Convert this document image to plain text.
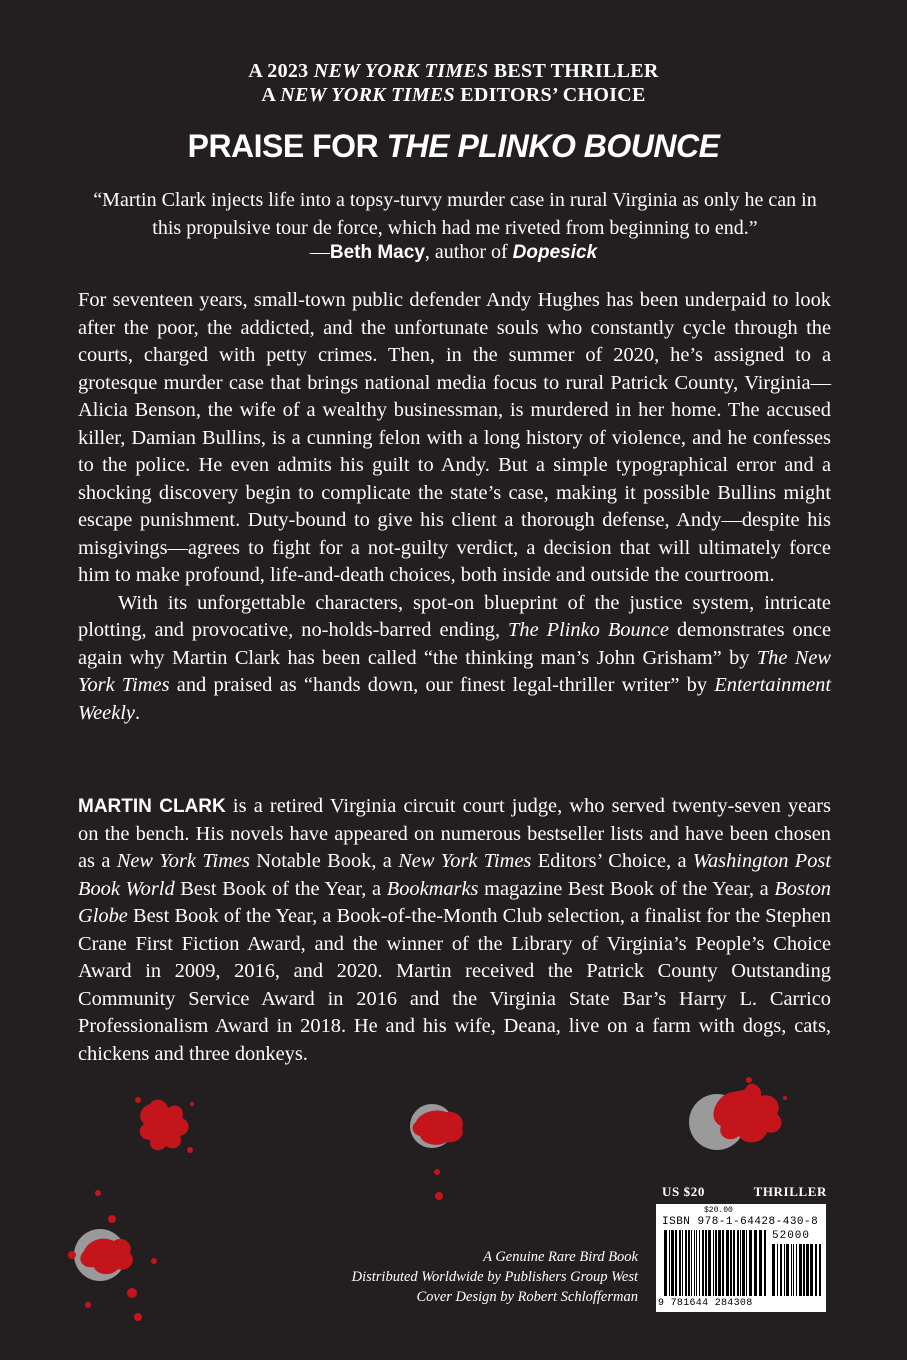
A 2023 NEW YORK TIMES BEST THRILLER
A NEW YORK TIMES EDITORS’ CHOICE
PRAISE FOR THE PLINKO BOUNCE
“Martin Clark injects life into a topsy-turvy murder case in rural Virginia as only he can in this propulsive tour de force, which had me riveted from beginning to end.”
—Beth Macy, author of Dopesick

For seventeen years, small-town public defender Andy Hughes has been underpaid to look after the poor, the addicted, and the unfortunate souls who constantly cycle through the courts, charged with petty crimes. Then, in the summer of 2020, he’s assigned to a grotesque murder case that brings national media focus to rural Patrick County, Virginia—Alicia Benson, the wife of a wealthy businessman, is murdered in her home. The accused killer, Damian Bullins, is a cunning felon with a long history of violence, and he confesses to the police. He even admits his guilt to Andy. But a simple typographical error and a shocking discovery begin to complicate the state’s case, making it possible Bullins might escape punishment. Duty-bound to give his client a thorough defense, Andy—despite his misgivings—agrees to fight for a not-guilty verdict, a decision that will ultimately force him to make profound, life-and-death choices, both inside and outside the courtroom.

With its unforgettable characters, spot-on blueprint of the justice system, intricate plotting, and provocative, no-holds-barred ending, The Plinko Bounce demonstrates once again why Martin Clark has been called “the thinking man’s John Grisham” by The New York Times and praised as “hands down, our finest legal-thriller writer” by Entertainment Weekly.

MARTIN CLARK is a retired Virginia circuit court judge, who served twenty-seven years on the bench. His novels have appeared on numerous bestseller lists and have been chosen as a New York Times Notable Book, a New York Times Editors’ Choice, a Washington Post Book World Best Book of the Year, a Bookmarks magazine Best Book of the Year, a Boston Globe Best Book of the Year, a Book-of-the-Month Club selection, a finalist for the Stephen Crane First Fiction Award, and the winner of the Library of Virginia’s People’s Choice Award in 2009, 2016, and 2020. Martin received the Patrick County Outstanding Community Service Award in 2016 and the Virginia State Bar’s Harry L. Carrico Professionalism Award in 2018. He and his wife, Deana, live on a farm with dogs, cats, chickens and three donkeys.

A Genuine Rare Bird Book
Distributed Worldwide by Publishers Group West
Cover Design by Robert Schlofferman
US $20	THRILLER
$20.00
ISBN 978-1-64428-430-8
52000
9 781644 284308
